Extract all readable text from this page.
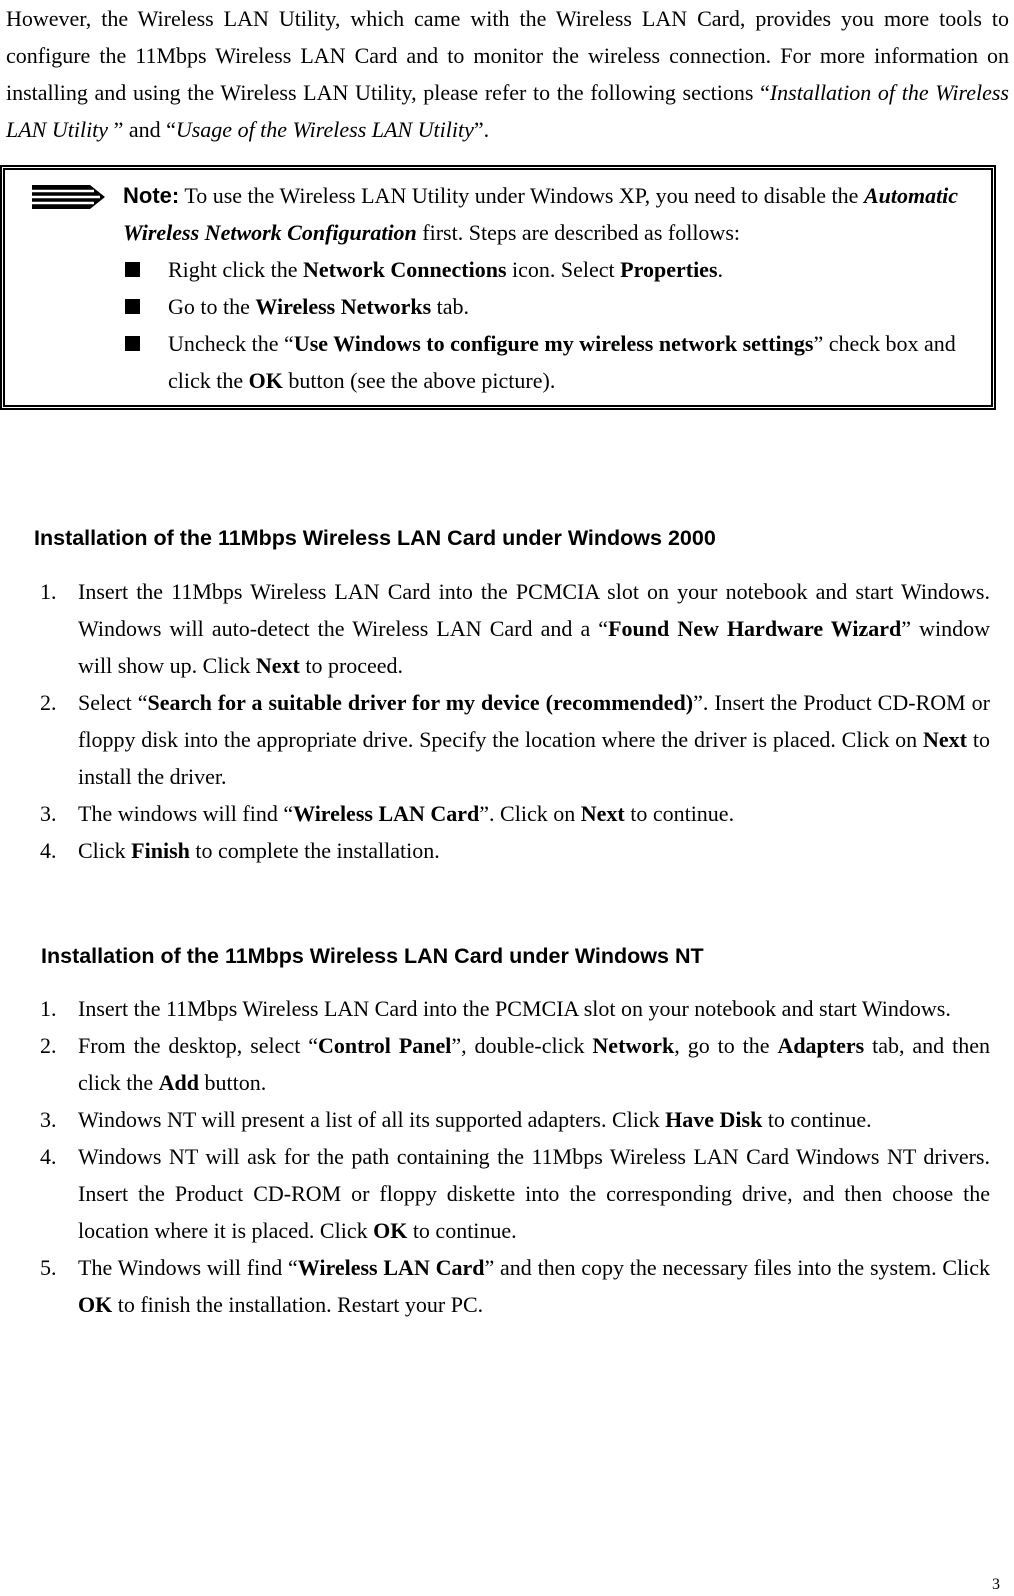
However, the Wireless LAN Utility, which came with the Wireless LAN Card, provides you more tools to configure the 11Mbps Wireless LAN Card and to monitor the wireless connection. For more information on installing and using the Wireless LAN Utility, please refer to the following sections “Installation of the Wireless LAN Utility ” and “Usage of the Wireless LAN Utility”.

Note: To use the Wireless LAN Utility under Windows XP, you need to disable the Automatic Wireless Network Configuration first. Steps are described as follows:

Right click the Network Connections icon. Select Properties.
Go to the Wireless Networks tab.
Uncheck the “Use Windows to configure my wireless network settings” check box and click the OK button (see the above picture).
Installation of the 11Mbps Wireless LAN Card under Windows 2000
1. Insert the 11Mbps Wireless LAN Card into the PCMCIA slot on your notebook and start Windows. Windows will auto-detect the Wireless LAN Card and a “Found New Hardware Wizard” window will show up. Click Next to proceed.
2. Select “Search for a suitable driver for my device (recommended)”. Insert the Product CD-ROM or floppy disk into the appropriate drive. Specify the location where the driver is placed. Click on Next to install the driver.
3. The windows will find “Wireless LAN Card”. Click on Next to continue.
4. Click Finish to complete the installation.
Installation of the 11Mbps Wireless LAN Card under Windows NT
1. Insert the 11Mbps Wireless LAN Card into the PCMCIA slot on your notebook and start Windows.
2. From the desktop, select “Control Panel”, double-click Network, go to the Adapters tab, and then click the Add button.
3. Windows NT will present a list of all its supported adapters. Click Have Disk to continue.
4. Windows NT will ask for the path containing the 11Mbps Wireless LAN Card Windows NT drivers. Insert the Product CD-ROM or floppy diskette into the corresponding drive, and then choose the location where it is placed. Click OK to continue.
5. The Windows will find “Wireless LAN Card” and then copy the necessary files into the system. Click OK to finish the installation. Restart your PC.
3
